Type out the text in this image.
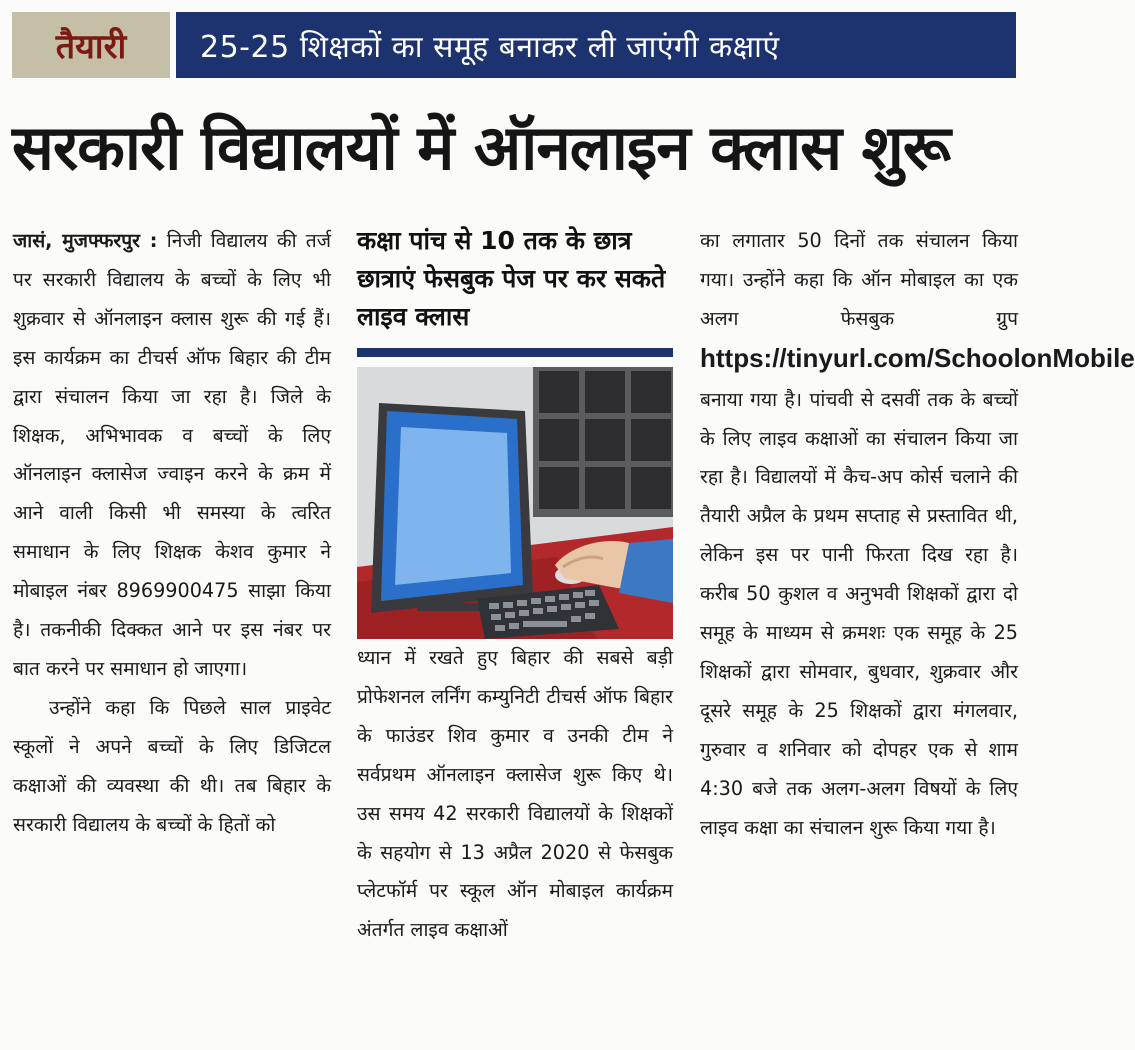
तैयारी	25-25 शिक्षकों का समूह बनाकर ली जाएंगी कक्षाएं
सरकारी विद्यालयों में ऑनलाइन क्लास शुरू

जासं, मुजफ्फरपुर : निजी विद्यालय की तर्ज पर सरकारी विद्यालय के बच्चों के लिए भी शुक्रवार से ऑनलाइन क्लास शुरू की गई हैं। इस कार्यक्रम का टीचर्स ऑफ बिहार की टीम द्वारा संचालन किया जा रहा है। जिले के शिक्षक, अभिभावक व बच्चों के लिए ऑनलाइन क्लासेज ज्वाइन करने के क्रम में आने वाली किसी भी समस्या के त्वरित समाधान के लिए शिक्षक केशव कुमार ने मोबाइल नंबर 8969900475 साझा किया है। तकनीकी दिक्कत आने पर इस नंबर पर बात करने पर समाधान हो जाएगा।

उन्होंने कहा कि पिछले साल प्राइवेट स्कूलों ने अपने बच्चों के लिए डिजिटल कक्षाओं की व्यवस्था की थी। तब बिहार के सरकारी विद्यालय के बच्चों के हितों को

कक्षा पांच से 10 तक के छात्र छात्राएं फेसबुक पेज पर कर सकते लाइव क्लास

ध्यान में रखते हुए बिहार की सबसे बड़ी प्रोफेशनल लर्निंग कम्युनिटी टीचर्स ऑफ बिहार के फाउंडर शिव कुमार व उनकी टीम ने सर्वप्रथम ऑनलाइन क्लासेज शुरू किए थे। उस समय 42 सरकारी विद्यालयों के शिक्षकों के सहयोग से 13 अप्रैल 2020 से फेसबुक प्लेटफॉर्म पर स्कूल ऑन मोबाइल कार्यक्रम अंतर्गत लाइव कक्षाओं

का लगातार 50 दिनों तक संचालन किया गया। उन्होंने कहा कि ऑन मोबाइल का एक अलग फेसबुक ग्रुप https://tinyurl.com/SchoolonMobile बनाया गया है। पांचवी से दसवीं तक के बच्चों के लिए लाइव कक्षाओं का संचालन किया जा रहा है। विद्यालयों में कैच-अप कोर्स चलाने की तैयारी अप्रैल के प्रथम सप्ताह से प्रस्तावित थी, लेकिन इस पर पानी फिरता दिख रहा है। करीब 50 कुशल व अनुभवी शिक्षकों द्वारा दो समूह के माध्यम से क्रमशः एक समूह के 25 शिक्षकों द्वारा सोमवार, बुधवार, शुक्रवार और दूसरे समूह के 25 शिक्षकों द्वारा मंगलवार, गुरुवार व शनिवार को दोपहर एक से शाम 4:30 बजे तक अलग-अलग विषयों के लिए लाइव कक्षा का संचालन शुरू किया गया है।
